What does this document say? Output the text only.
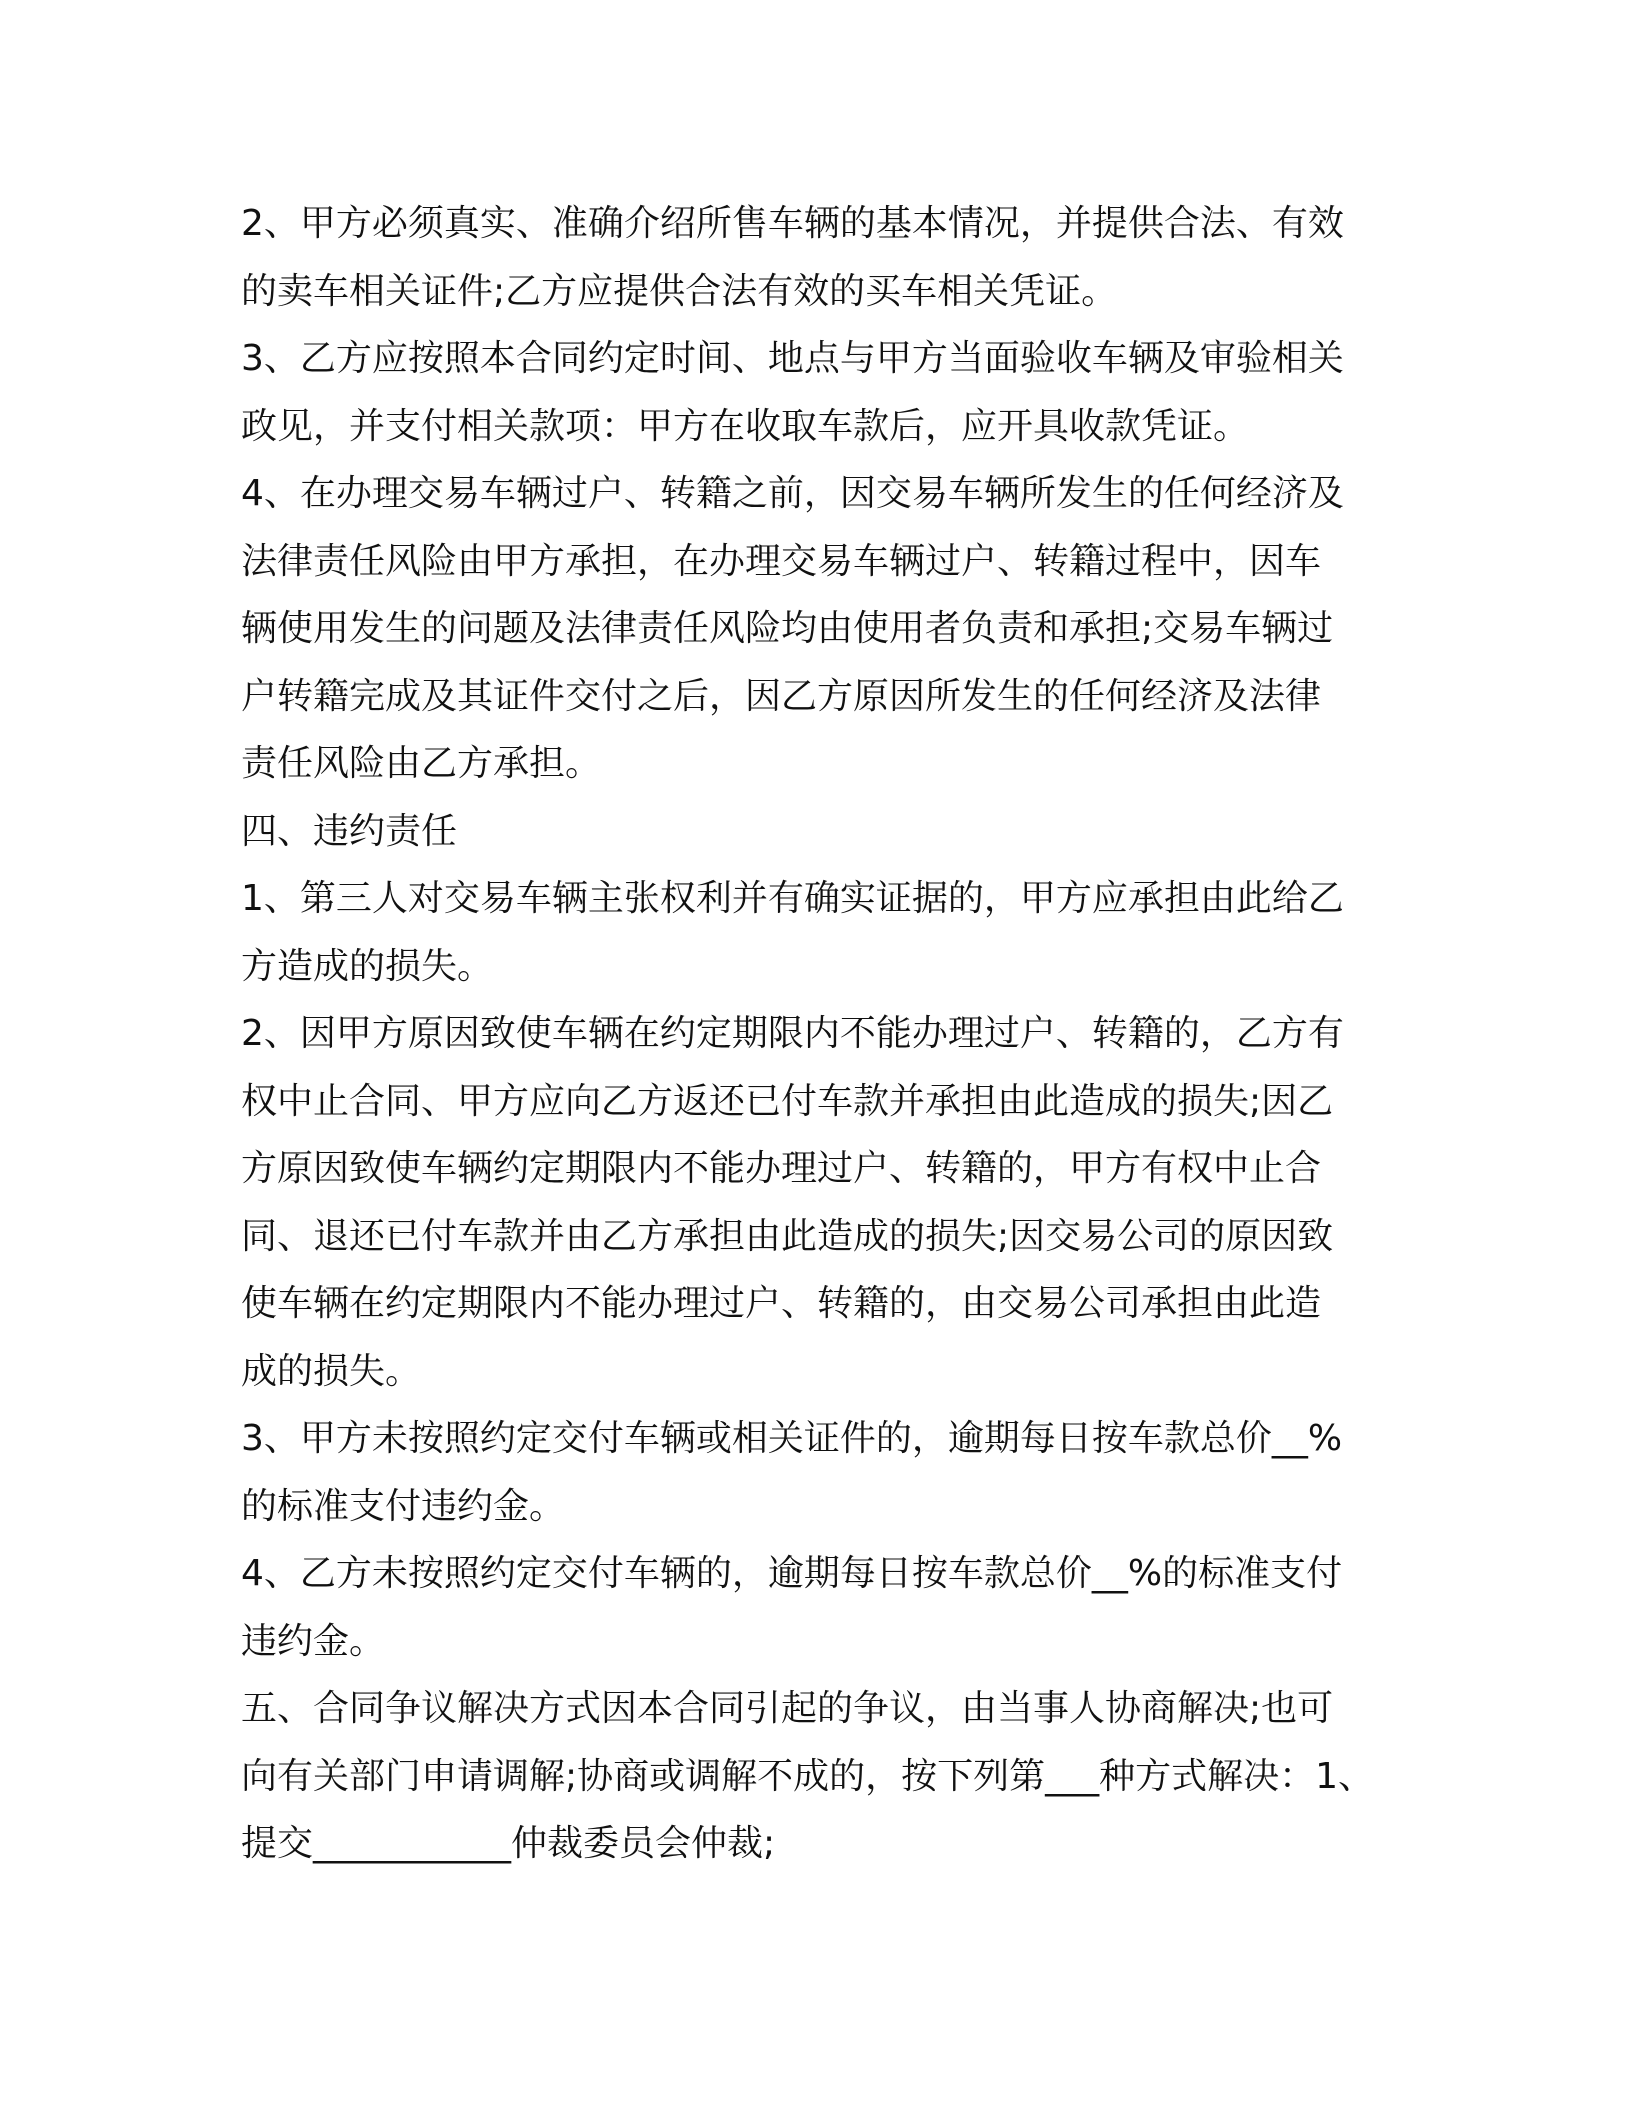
2、甲方必须真实、准确介绍所售车辆的基本情况，并提供合法、有效
的卖车相关证件;乙方应提供合法有效的买车相关凭证。
3、乙方应按照本合同约定时间、地点与甲方当面验收车辆及审验相关
政见，并支付相关款项：甲方在收取车款后，应开具收款凭证。
4、在办理交易车辆过户、转籍之前，因交易车辆所发生的任何经济及
法律责任风险由甲方承担，在办理交易车辆过户、转籍过程中，因车
辆使用发生的问题及法律责任风险均由使用者负责和承担;交易车辆过
户转籍完成及其证件交付之后，因乙方原因所发生的任何经济及法律
责任风险由乙方承担。
四、违约责任
1、第三人对交易车辆主张权利并有确实证据的，甲方应承担由此给乙
方造成的损失。
2、因甲方原因致使车辆在约定期限内不能办理过户、转籍的，乙方有
权中止合同、甲方应向乙方返还已付车款并承担由此造成的损失;因乙
方原因致使车辆约定期限内不能办理过户、转籍的，甲方有权中止合
同、退还已付车款并由乙方承担由此造成的损失;因交易公司的原因致
使车辆在约定期限内不能办理过户、转籍的，由交易公司承担由此造
成的损失。
3、甲方未按照约定交付车辆或相关证件的，逾期每日按车款总价__%
的标准支付违约金。
4、乙方未按照约定交付车辆的，逾期每日按车款总价__%的标准支付
违约金。
五、合同争议解决方式因本合同引起的争议，由当事人协商解决;也可
向有关部门申请调解;协商或调解不成的，按下列第___种方式解决：1、
提交___________仲裁委员会仲裁;
